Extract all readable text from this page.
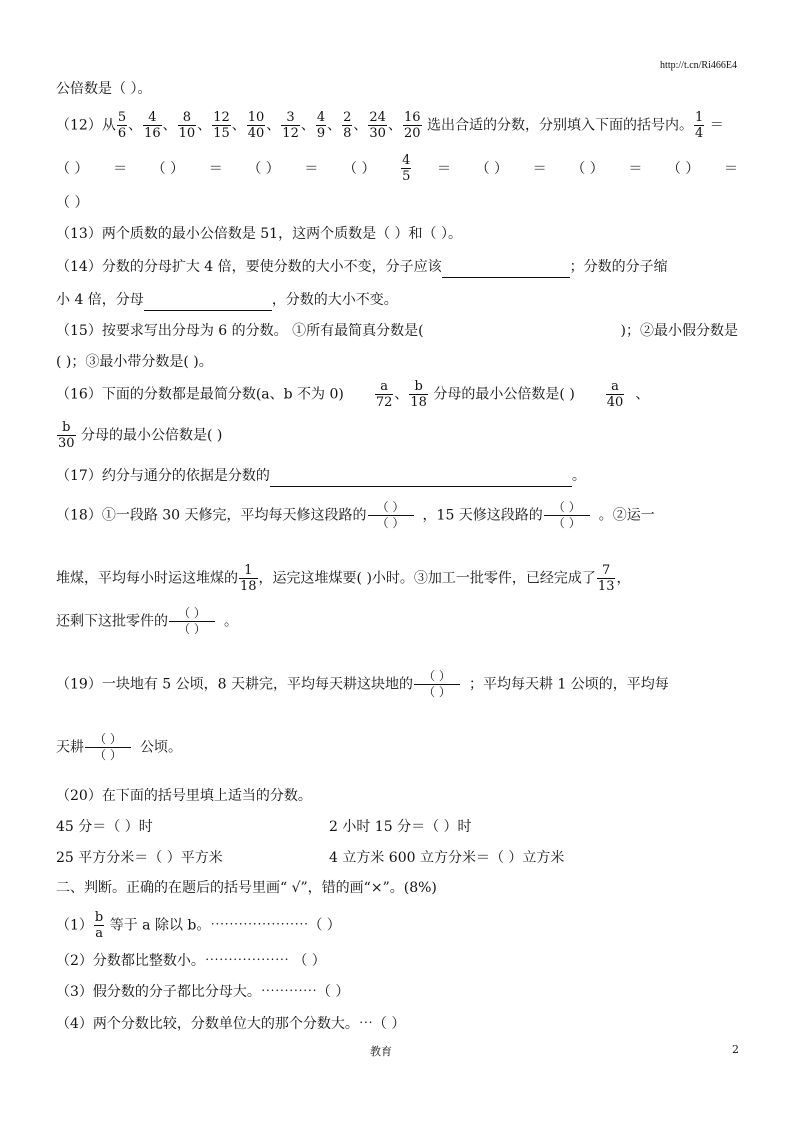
http://t.cn/Ri466E4
公倍数是（ ）。
（12）从 $\frac{5}{6}$ 、 $\frac{4}{16}$ 、 $\frac{8}{10}$ 、 $\frac{12}{15}$ 、 $\frac{10}{40}$ 、 $\frac{3}{12}$ 、 $\frac{4}{9}$ 、 $\frac{2}{8}$ 、 $\frac{24}{30}$ 、 $\frac{16}{20}$ 选出合适的分数，分别填入下面的括号内。 $\frac{1}{4}$ ＝
（ ） ＝ （ ） ＝ （ ） ＝ （ ） $\frac{4}{5}$ ＝ （ ） ＝ （ ） ＝ （ ） ＝
（ ）
（13）两个质数的最小公倍数是 51，这两个质数是（ ）和（ ）。
（14）分数的分母扩大 4 倍，要使分数的大小不变，分子应该	；分数的分子缩
小 4 倍，分母	，分数的大小不变。
（15）按要求写出分母为 6 的分数。 ①所有最简真分数是(	)；②最小假分数是
( )；③最小带分数是( )。
（16）下面的分数都是最简分数(a、b 不为 $0) \frac{a}{72}$ 、 $\frac{b}{18}$ 分母的最小公倍数是( ) $\frac{a}{40}$ 、
$\frac{b}{30}$ 分母的最小公倍数是( )
（17）约分与通分的依据是分数的	。
（18）①一段路 30 天修完，平均每天修这段路的 $\frac{( )}{( )}$ ，15 天修这段路的 $\frac{( )}{( )}$ 。②运一
堆煤，平均每小时运这堆煤的 $\frac{1}{18}$ ，运完这堆煤要( )小时。③加工一批零件，已经完成了 $\frac{7}{13}$ ，
还剩下这批零件的 $\frac{( )}{( )}$ 。
（19）一块地有 5 公顷，8 天耕完，平均每天耕这块地的 $\frac{( )}{( )}$ ；平均每天耕 1 公顷的，平均每
天耕 $\frac{( )}{( )}$ 公顷。
（20）在下面的括号里填上适当的分数。
45 分＝（ ）时	2 小时 15 分＝（ ）时
25 平方分米＝（ ）平方米	4 立方米 600 立方分米＝（ ）立方米
二、判断。正确的在题后的括号里画“ √”，错的画“×”。(8%)
$(1) \frac{b}{a}$ 等于 a 除以 b。⋯⋯⋯⋯⋯⋯⋯（ ）
（2）分数都比整数小。⋯⋯⋯⋯⋯⋯ （ ）
（3）假分数的分子都比分母大。⋯⋯⋯⋯（ ）
（4）两个分数比较，分数单位大的那个分数大。⋯（ ）
教育	2
